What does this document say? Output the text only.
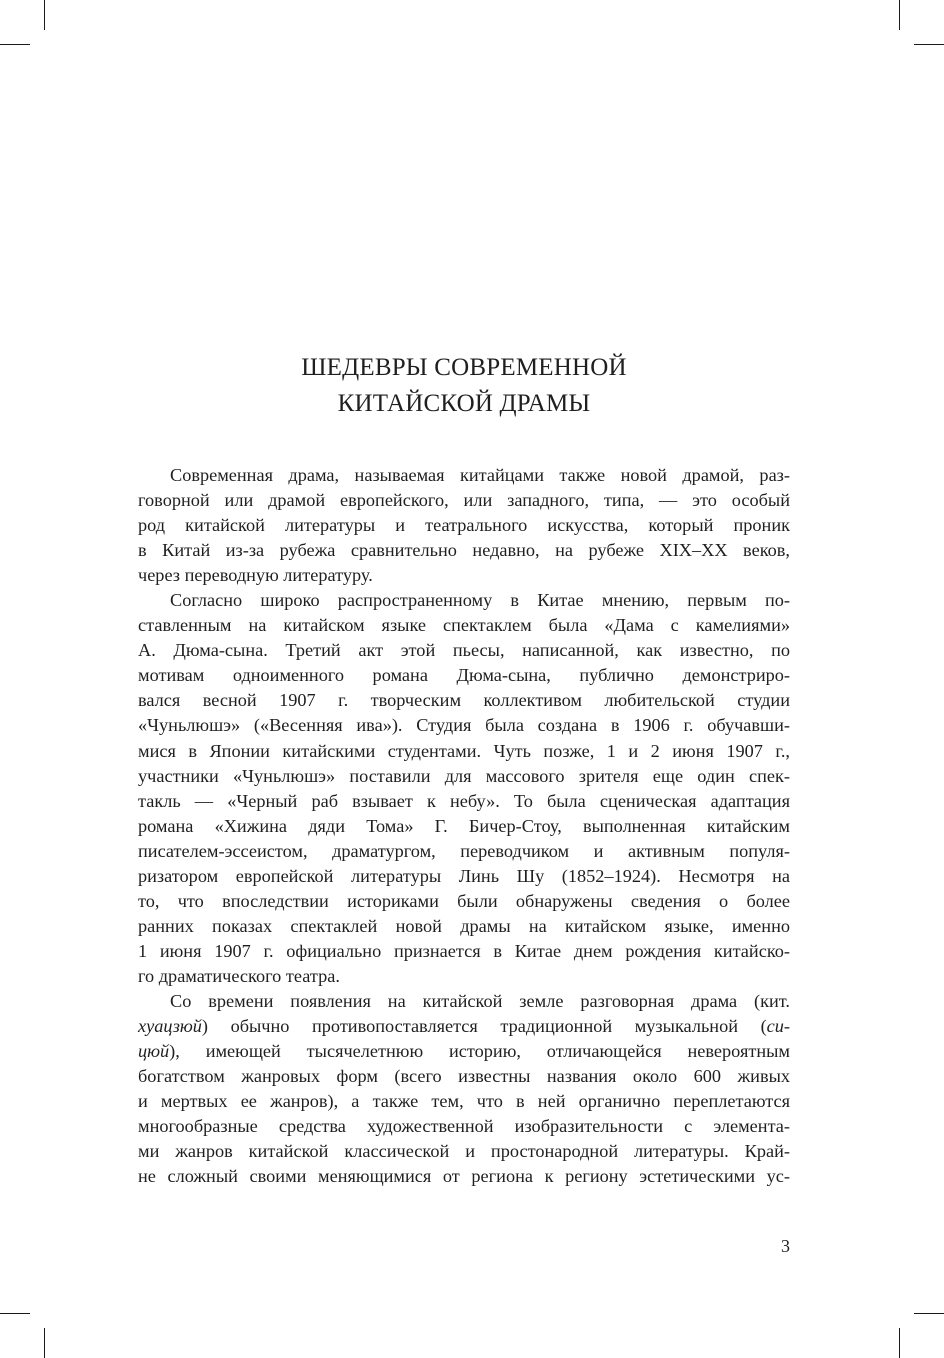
ШЕДЕВРЫ СОВРЕМЕННОЙ
КИТАЙСКОЙ ДРАМЫ
Современная драма, называемая китайцами также новой драмой, раз-
говорной или драмой европейского, или западного, типа, — это особый
род китайской литературы и театрального искусства, который проник
в Китай из-за рубежа сравнительно недавно, на рубеже XIX–XX веков,
через переводную литературу.
Согласно широко распространенному в Китае мнению, первым по-
ставленным на китайском языке спектаклем была «Дама с камелиями»
А. Дюма-сына. Третий акт этой пьесы, написанной, как известно, по
мотивам одноименного романа Дюма-сына, публично демонстриро-
вался весной 1907 г. творческим коллективом любительской студии
«Чуньлюшэ» («Весенняя ива»). Студия была создана в 1906 г. обучавши-
мися в Японии китайскими студентами. Чуть позже, 1 и 2 июня 1907 г.,
участники «Чуньлюшэ» поставили для массового зрителя еще один спек-
такль — «Черный раб взывает к небу». То была сценическая адаптация
романа «Хижина дяди Тома» Г. Бичер-Стоу, выполненная китайским
писателем-эссеистом, драматургом, переводчиком и активным популя-
ризатором европейской литературы Линь Шу (1852–1924). Несмотря на
то, что впоследствии историками были обнаружены сведения о более
ранних показах спектаклей новой драмы на китайском языке, именно
1 июня 1907 г. официально признается в Китае днем рождения китайско-
го драматического театра.
Со времени появления на китайской земле разговорная драма (кит.
хуацзюй) обычно противопоставляется традиционной музыкальной (си-
цюй), имеющей тысячелетнюю историю, отличающейся невероятным
богатством жанровых форм (всего известны названия около 600 живых
и мертвых ее жанров), а также тем, что в ней органично переплетаются
многообразные средства художественной изобразительности с элемента-
ми жанров китайской классической и простонародной литературы. Край-
не сложный своими меняющимися от региона к региону эстетическими ус-
3
